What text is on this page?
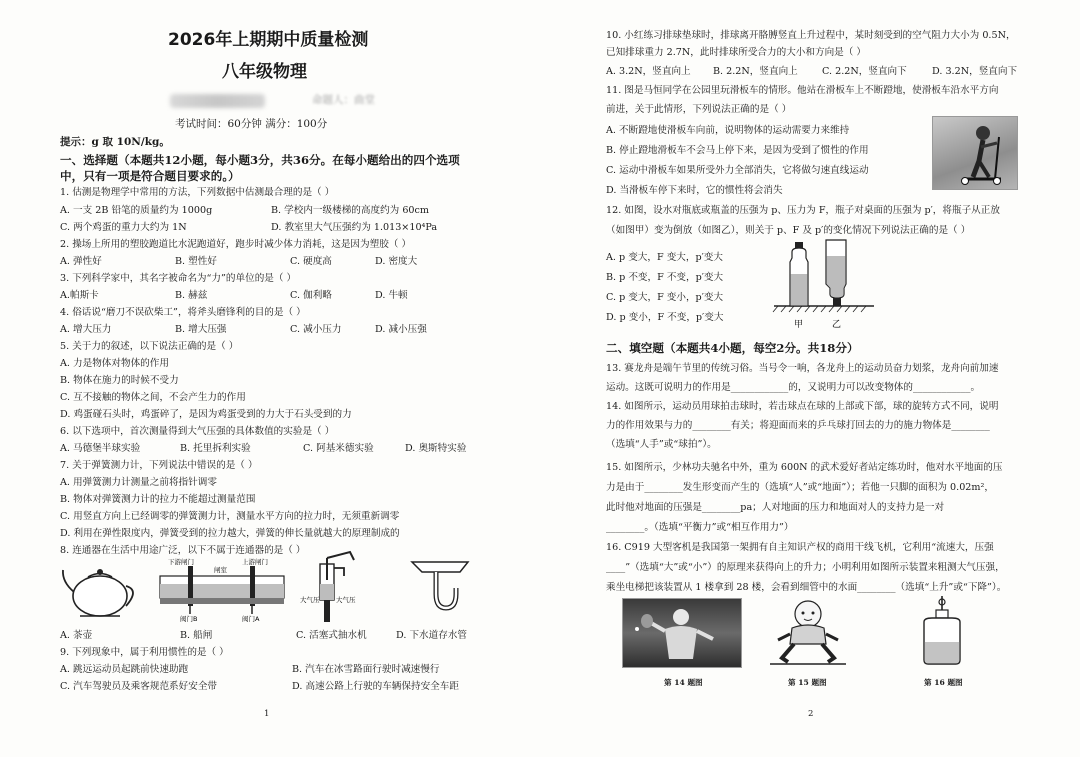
2026年上期期中质量检测
八年级物理
命题人：曲堂
考试时间：60分钟 满分：100分
提示：g 取 10N/kg。
一、选择题（本题共12小题，每小题3分，共36分。在每小题给出的四个选项
中，只有一项是符合题目要求的。）
1. 估测是物理学中常用的方法，下列数据中估测最合理的是（ ）
A. 一支 2B 铅笔的质量约为 1000g	B. 学校内一级楼梯的高度约为 60cm
C. 两个鸡蛋的重力大约为 1N	D. 教室里大气压强约为 1.013×10⁴Pa
2. 操场上所用的塑胶跑道比水泥跑道好，跑步时减少体力消耗，这是因为塑胶（ ）
A. 弹性好	B. 塑性好	C. 硬度高	D. 密度大
3. 下列科学家中，其名字被命名为“力”的单位的是（ ）
A.帕斯卡	B. 赫兹	C. 伽利略	D. 牛顿
4. 俗话说“磨刀不误砍柴工”，将斧头磨锋利的目的是（ ）
A. 增大压力	B. 增大压强	C. 减小压力	D. 减小压强
5. 关于力的叙述，以下说法正确的是（ ）
A. 力是物体对物体的作用
B. 物体在施力的时候不受力
C. 互不接触的物体之间，不会产生力的作用
D. 鸡蛋碰石头时，鸡蛋碎了，是因为鸡蛋受到的力大于石头受到的力
6. 以下选项中，首次测量得到大气压强的具体数值的实验是（ ）
A. 马德堡半球实验	B. 托里拆利实验	C. 阿基米德实验	D. 奥斯特实验
7. 关于弹簧测力计，下列说法中错误的是（ ）
A. 用弹簧测力计测量之前将指针调零
B. 物体对弹簧测力计的拉力不能超过测量范围
C. 用竖直方向上已经调零的弹簧测力计，测量水平方向的拉力时，无须重新调零
D. 利用在弹性限度内，弹簧受到的拉力越大，弹簧的伸长量就越大的原理制成的
8. 连通器在生活中用途广泛，以下不属于连通器的是（ ）
下游闸门
闸室
上游闸门
阀门B	阀门A
大气压	大气压
A. 茶壶	B. 船闸	C. 活塞式抽水机	D. 下水道存水管
9. 下列现象中，属于利用惯性的是（ ）
A. 跳远运动员起跳前快速助跑	B. 汽车在冰雪路面行驶时减速慢行
C. 汽车驾驶员及乘客规范系好安全带	D. 高速公路上行驶的车辆保持安全车距
1
10. 小红练习排球垫球时，排球离开胳膊竖直上升过程中，某时刻受到的空气阻力大小为 0.5N，
已知排球重力 2.7N，此时排球所受合力的大小和方向是（ ）
A. 3.2N，竖直向上 B. 2.2N，竖直向上	C. 2.2N，竖直向下	D. 3.2N，竖直向下
11. 图是马恒同学在公园里玩滑板车的情形。他站在滑板车上不断蹬地，使滑板车沿水平方向
前进，关于此情形，下列说法正确的是（ ）
A. 不断蹬地使滑板车向前，说明物体的运动需要力来维持
B. 停止蹬地滑板车不会马上停下来，是因为受到了惯性的作用
C. 运动中滑板车如果所受外力全部消失，它将做匀速直线运动
D. 当滑板车停下来时，它的惯性将会消失
12. 如图，设水对瓶底或瓶盖的压强为 p、压力为 F，瓶子对桌面的压强为 p′，将瓶子从正放
（如图甲）变为倒放（如图乙），则关于 p、F 及 p′的变化情况下列说法正确的是（ ）
A. p 变大，F 变大，p′变大
B. p 不变，F 不变，p′变大
C. p 变大，F 变小，p′变大
D. p 变小，F 不变，p′变大
甲	乙
二、填空题（本题共4小题，每空2分。共18分）
13. 赛龙舟是端午节里的传统习俗。当号令一响，各龙舟上的运动员奋力划浆，龙舟向前加速
运动。这既可说明力的作用是____________的，又说明力可以改变物体的____________。
14. 如图所示，运动员用球拍击球时，若击球点在球的上部或下部，球的旋转方式不同，说明
力的作用效果与力的________有关；将迎面而来的乒乓球打回去的力的施力物体是________
（选填“人手”或“球拍”）。
15. 如图所示，少林功夫驰名中外，重为 600N 的武术爱好者站定练功时，他对水平地面的压
力是由于________发生形变而产生的（选填“人”或“地面”）；若他一只脚的面积为 0.02m²，
此时他对地面的压强是________pa；人对地面的压力和地面对人的支持力是一对
________。（选填“平衡力”或“相互作用力”）
16. C919 大型客机是我国第一架拥有自主知识产权的商用干线飞机，它利用“流速大，压强
____”（选填“大”或“小”）的原理来获得向上的升力；小明利用如图所示装置来粗测大气压强，
乘坐电梯把该装置从 1 楼拿到 28 楼，会看到细管中的水面________（选填“上升”或“下降”）。
第 14 题图	第 15 题图	第 16 题图
2
